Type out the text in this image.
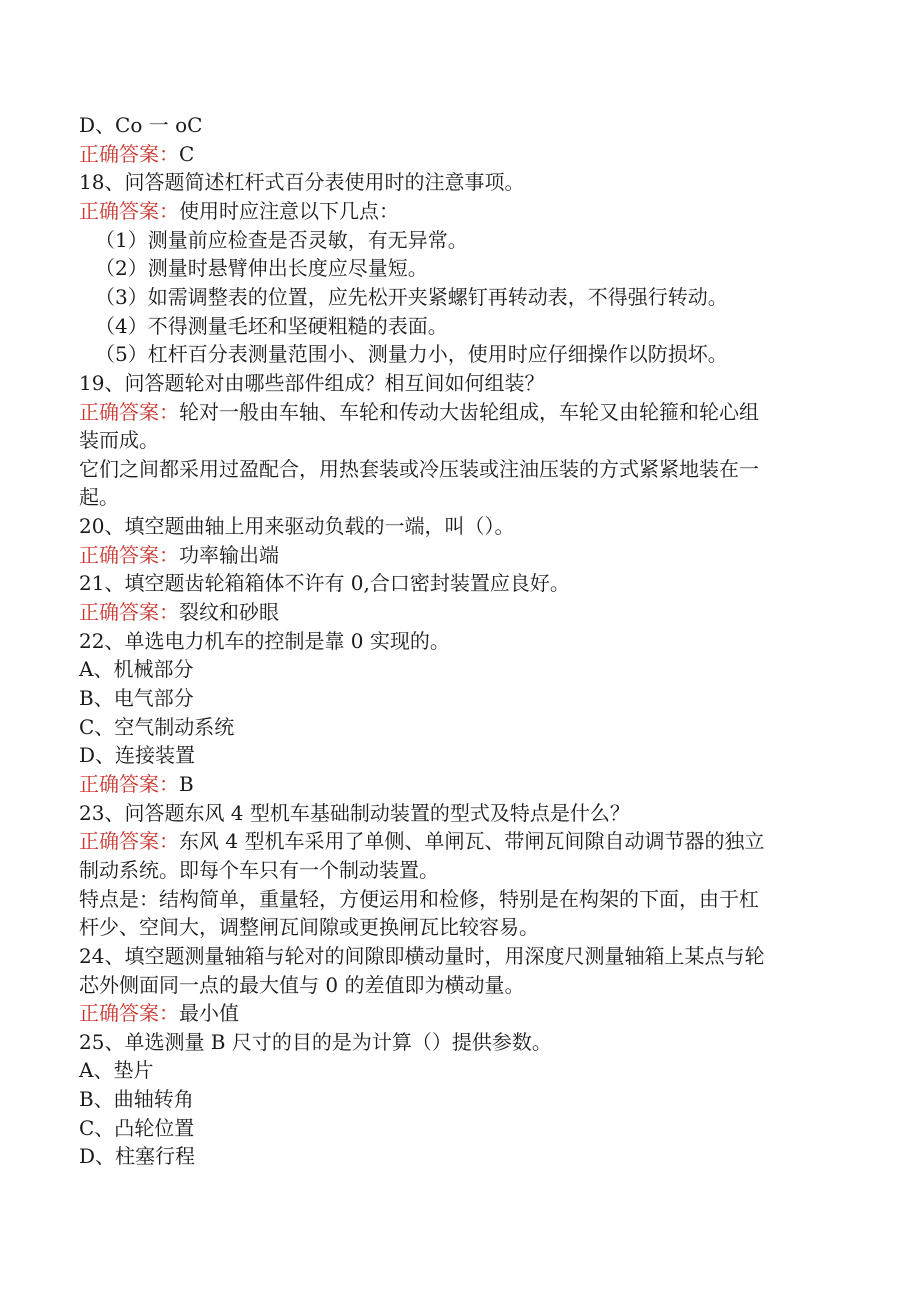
D、Co 一 oC
正确答案：C
18、问答题简述杠杆式百分表使用时的注意事项。
正确答案：使用时应注意以下几点：
（1）测量前应检查是否灵敏，有无异常。
（2）测量时悬臂伸出长度应尽量短。
（3）如需调整表的位置，应先松开夹紧螺钉再转动表，不得强行转动。
（4）不得测量毛坯和坚硬粗糙的表面。
（5）杠杆百分表测量范围小、测量力小，使用时应仔细操作以防损坏。
19、问答题轮对由哪些部件组成？相互间如何组装？
正确答案：轮对一般由车轴、车轮和传动大齿轮组成，车轮又由轮箍和轮心组
装而成。
它们之间都采用过盈配合，用热套装或冷压装或注油压装的方式紧紧地装在一
起。
20、填空题曲轴上用来驱动负载的一端，叫（）。
正确答案：功率输出端
21、填空题齿轮箱箱体不许有 0,合口密封装置应良好。
正确答案：裂纹和砂眼
22、单选电力机车的控制是靠 0 实现的。
A、机械部分
B、电气部分
C、空气制动系统
D、连接装置
正确答案：B
23、问答题东风 4 型机车基础制动装置的型式及特点是什么？
正确答案：东风 4 型机车采用了单侧、单闸瓦、带闸瓦间隙自动调节器的独立
制动系统。即每个车只有一个制动装置。
特点是：结构简单，重量轻，方便运用和检修，特别是在构架的下面，由于杠
杆少、空间大，调整闸瓦间隙或更换闸瓦比较容易。
24、填空题测量轴箱与轮对的间隙即横动量时，用深度尺测量轴箱上某点与轮
芯外侧面同一点的最大值与 0 的差值即为横动量。
正确答案：最小值
25、单选测量 B 尺寸的目的是为计算（）提供参数。
A、垫片
B、曲轴转角
C、凸轮位置
D、柱塞行程
